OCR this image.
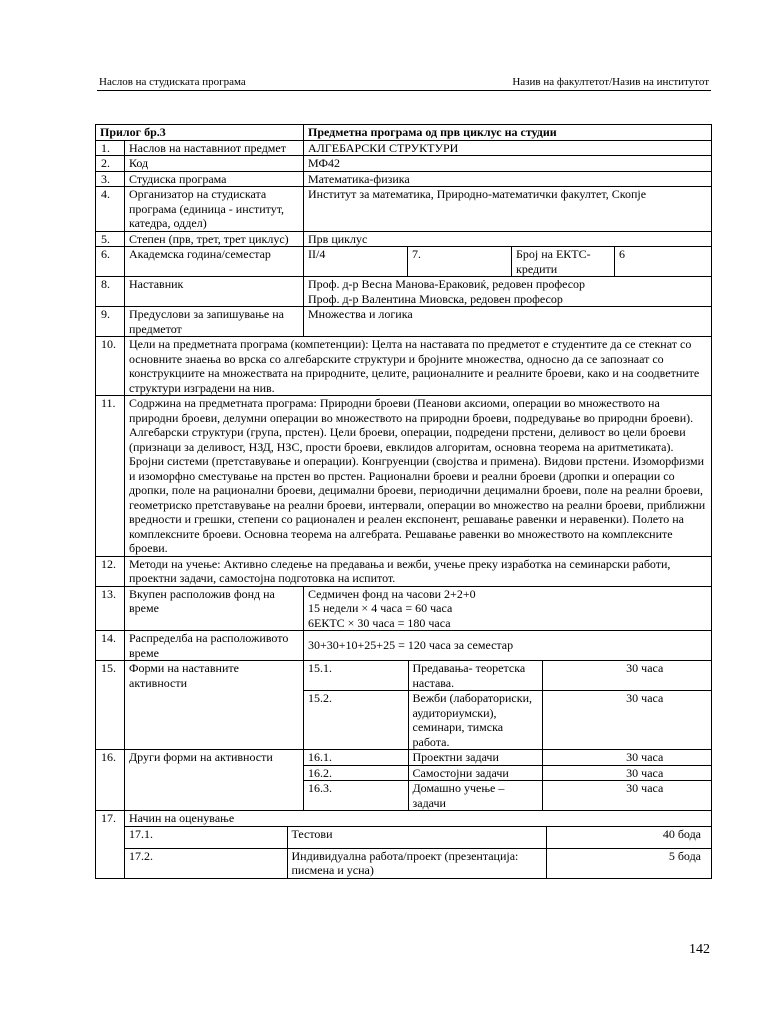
Наслов на студиската програма	Назив на факултетот/Назив на институтот
Прилог бр.3	Предметна програма од прв циклус на студии
1.	Наслов на наставниот предмет	АЛГЕБАРСКИ СТРУКТУРИ
2.	Код	МФ42
3.	Студиска програма	Математика-физика
4.	Организатор на студиската програма (единица - институт, катедра, оддел)	Институт за математика, Природно-математички факултет, Скопје
5.	Степен (прв, трет, трет циклус)	Прв циклус
6.	Академска година/семестар	II/4	7.	Број на ЕКТС-кредити	6
8.	Наставник	Проф. д-р Весна Манова-Ераковиќ, редовен професор
Проф. д-р Валентина Миовска, редовен професор

9.	Предуслови за запишување на предметот	Множества и логика
10.	Цели на предметната програма (компетенции): Целта на наставата по предметот е студентите да се стекнат со основните знаења во врска со алгебарските структури и бројните множества, односно да се запознаат со конструкциите на множествата на природните, целите, рационалните и реалните броеви, како и на соодветните структури изградени на нив.
11.	Содржина на предметната програма: Природни броеви (Пеанови аксиоми, операции во множеството на природни броеви, делумни операции во множеството на природни броеви, подредување во природни броеви). Алгебарски структури (група, прстен). Цели броеви, операции, подредени прстени, деливост во цели броеви (признаци за деливост, НЗД, НЗС, прости броеви, евклидов алгоритам, основна теорема на аритметиката). Бројни системи (претставување и операции). Конгруенции (својства и примена). Видови прстени. Изоморфизми и изоморфно сместување на прстен во прстен. Рационални броеви и реални броеви (дропки и операции со дропки, поле на рационални броеви, децимални броеви, периодични децимални броеви, поле на реални броеви, геометриско претставување на реални броеви, интервали, операции во множество на реални броеви, приближни вредности и грешки, степени со рационален и реален експонент, решавање равенки и неравенки). Полето на комплексните броеви. Основна теорема на алгебрата. Решавање равенки во множеството на комплексните броеви.
12.	Методи на учење: Активно следење на предавања и вежби, учење преку изработка на семинарски работи, проектни задачи, самостојна подготовка на испитот.
13.	Вкупен расположив фонд на време	
Седмичен фонд на часови 2+2+0
15 недели × 4 часа = 60 часа
6ЕКТС × 30 часа = 180 часа

14.	Распределба на расположивото време	30+30+10+25+25 = 120 часа за семестар
15.	Форми на наставните активности	
15.1.	Предавања- теоретска настава.	30 часа
15.2.	Вежби (лабораториски, аудиториумски), семинари, тимска работа.	30 часа

16.	Други форми на активности		16.1.	Проектни задачи	30 часа
16.2.	Самостојни задачи	30 часа
16.3.	Домашно учење – задачи	30 часа

17.	Начин на оценување

17.1.	Тестови	40 бода
17.2.	Индивидуална работа/проект (презентација: писмена и усна)	5 бода
142
